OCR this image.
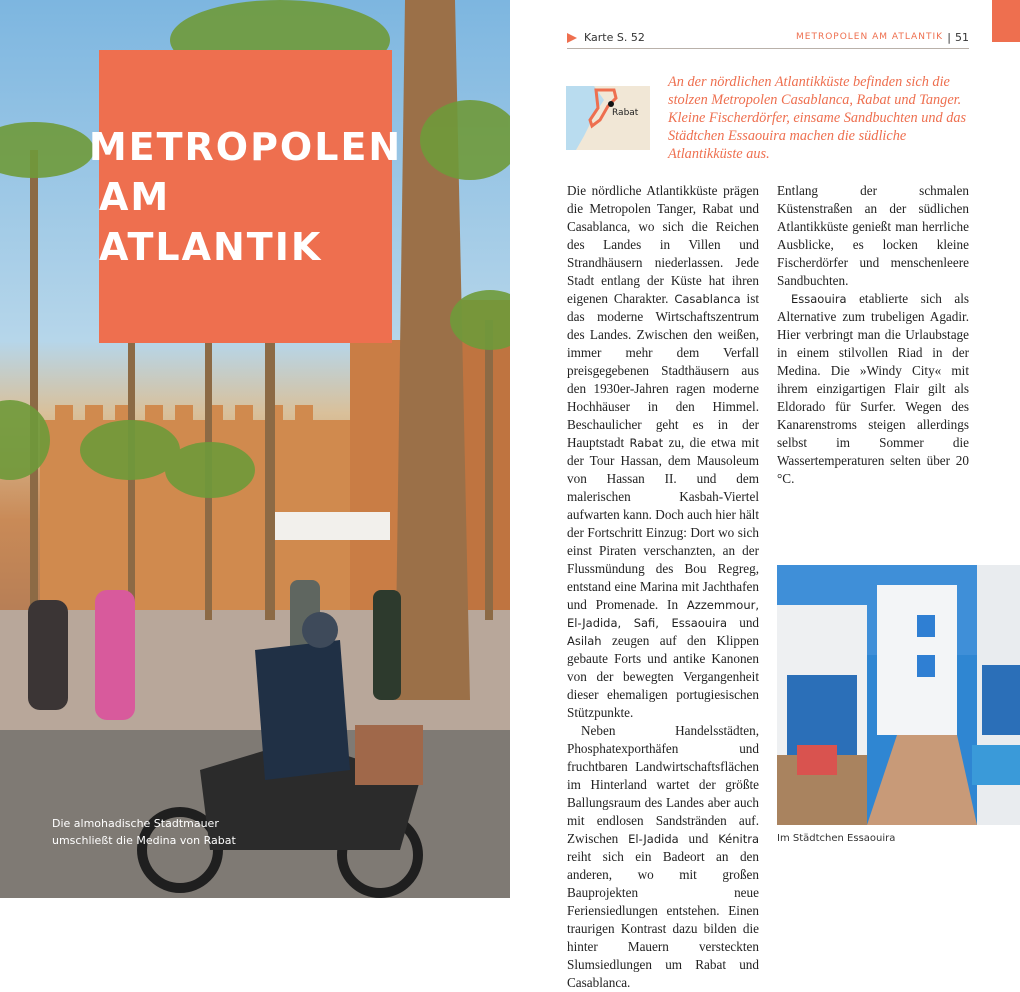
METROPOLEN
AM ATLANTIK
Die almohadische Stadtmauer
umschließt die Medina von Rabat
Karte S. 52	METROPOLEN AM ATLANTIK | 51
Rabat
An der nördlichen Atlantikküste befinden sich die stolzen Metropolen Casablanca, Rabat und Tanger. Kleine Fischerdörfer, einsame Sandbuchten und das Städtchen Essaouira machen die südliche Atlantikküste aus.

Die nördliche Atlantikküste prägen die Metropolen Tanger, Rabat und Casablanca, wo sich die Reichen des Landes in Villen und Strandhäusern niederlassen. Jede Stadt entlang der Küste hat ihren eigenen Charakter. Casablanca ist das moderne Wirtschaftszentrum des Landes. Zwischen den weißen, immer mehr dem Verfall preisgegebenen Stadthäusern aus den 1930er-Jahren ragen moderne Hochhäuser in den Himmel. Beschaulicher geht es in der Hauptstadt Rabat zu, die etwa mit der Tour Hassan, dem Mausoleum von Hassan II. und dem malerischen Kasbah-Viertel aufwarten kann. Doch auch hier hält der Fortschritt Einzug: Dort wo sich einst Piraten verschanzten, an der Flussmündung des Bou Regreg, entstand eine Marina mit Jachthafen und Promenade. In Azzemmour, El-Jadida, Safi, Essaouira und Asilah zeugen auf den Klippen gebaute Forts und antike Kanonen von der bewegten Vergangenheit dieser ehemaligen portugiesischen Stützpunkte.

Neben Handelsstädten, Phosphatexporthäfen und fruchtbaren Landwirtschaftsflächen im Hinterland wartet der größte Ballungsraum des Landes aber auch mit endlosen Sandstränden auf. Zwischen El-Jadida und Kénitra reiht sich ein Badeort an den anderen, wo mit großen Bauprojekten neue Feriensiedlungen entstehen. Einen traurigen Kontrast dazu bilden die hinter Mauern versteckten Slumsiedlungen um Rabat und Casablanca.

Entlang der schmalen Küstenstraßen an der südlichen Atlantikküste genießt man herrliche Ausblicke, es locken kleine Fischerdörfer und menschenleere Sandbuchten.

Essaouira etablierte sich als Alternative zum trubeligen Agadir. Hier verbringt man die Urlaubstage in einem stilvollen Riad in der Medina. Die »Windy City« mit ihrem einzigartigen Flair gilt als Eldorado für Surfer. Wegen des Kanarenstroms steigen allerdings selbst im Sommer die Wassertemperaturen selten über 20 °C.

Im Städtchen Essaouira
